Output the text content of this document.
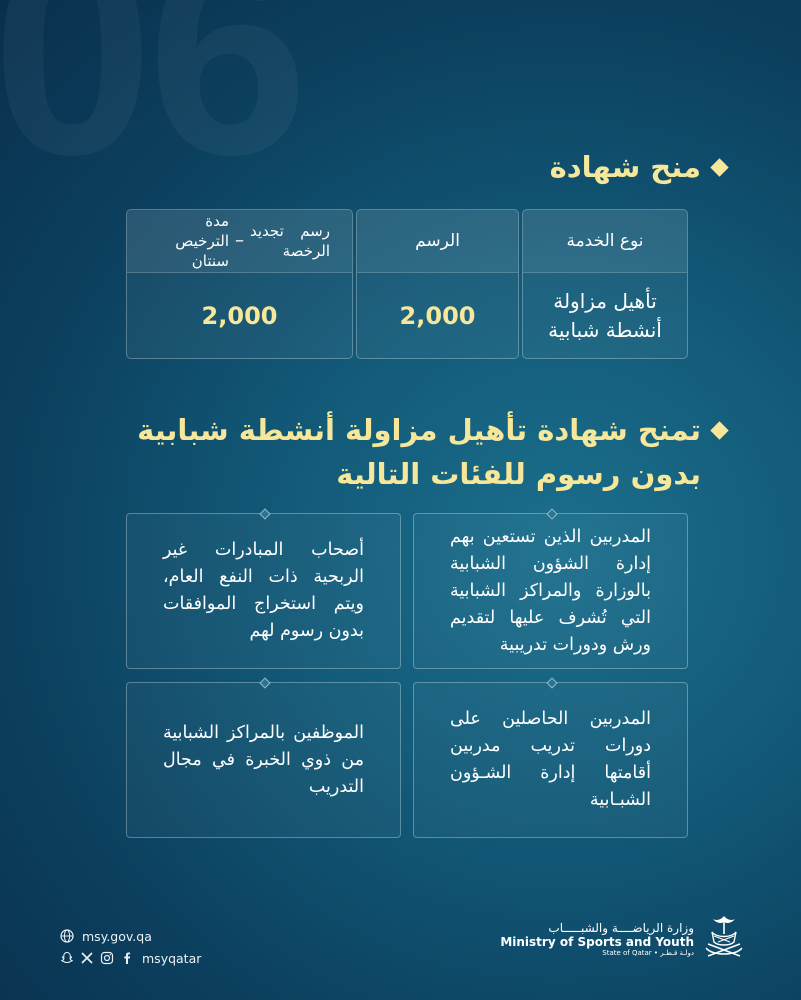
منح شهادة
نوع الخدمة
تأهيل مزاولة أنشطة شبابية
الرسم
2,000
رسم تجديد الرخصة
–
مدة الترخيص سنتان
2,000
تمنح شهادة تأهيل مزاولة أنشطة شبابية بدون رسوم للفئات التالية
المدربين الذين تستعين بهم إدارة الشؤون الشبابية بالوزارة والمراكز الشبابية التي تُشرف عليها لتقديم ورش ودورات تدريبية
أصحاب المبادرات غير الربحية ذات النفع العام، ويتم استخراج الموافقات بدون رسوم لهم
المدربين الحاصلين على دورات تدريب مدربين أقامتها إدارة الشـؤون الشبـابية
الموظفين بالمراكز الشبابية من ذوي الخبرة في مجال التدريب
msy.gov.qa
msyqatar
وزارة الرياضــــة والشبـــــاب
Ministry of Sports and Youth
State of Qatar • دولـة قـطـر
